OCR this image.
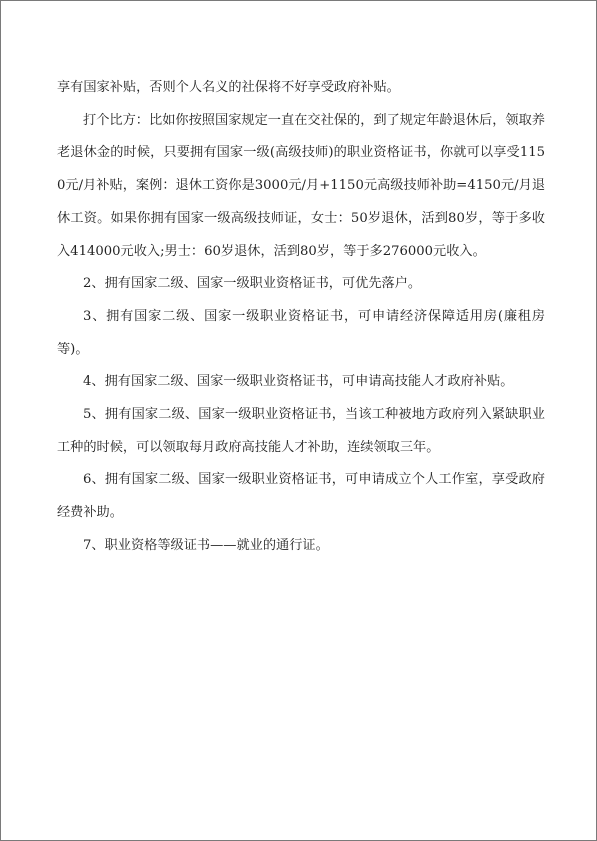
享有国家补贴，否则个人名义的社保将不好享受政府补贴。

打个比方：比如你按照国家规定一直在交社保的，到了规定年龄退休后，领取养老退休金的时候，只要拥有国家一级(高级技师)的职业资格证书，你就可以享受1150元/月补贴，案例：退休工资你是3000元/月+1150元高级技师补助=4150元/月退休工资。如果你拥有国家一级高级技师证，女士：50岁退休，活到80岁，等于多收入414000元收入;男士：60岁退休，活到80岁，等于多276000元收入。

2、拥有国家二级、国家一级职业资格证书，可优先落户。

3、拥有国家二级、国家一级职业资格证书，可申请经济保障适用房(廉租房等)。

4、拥有国家二级、国家一级职业资格证书，可申请高技能人才政府补贴。

5、拥有国家二级、国家一级职业资格证书，当该工种被地方政府列入紧缺职业工种的时候，可以领取每月政府高技能人才补助，连续领取三年。

6、拥有国家二级、国家一级职业资格证书，可申请成立个人工作室，享受政府经费补助。

7、职业资格等级证书——就业的通行证。
